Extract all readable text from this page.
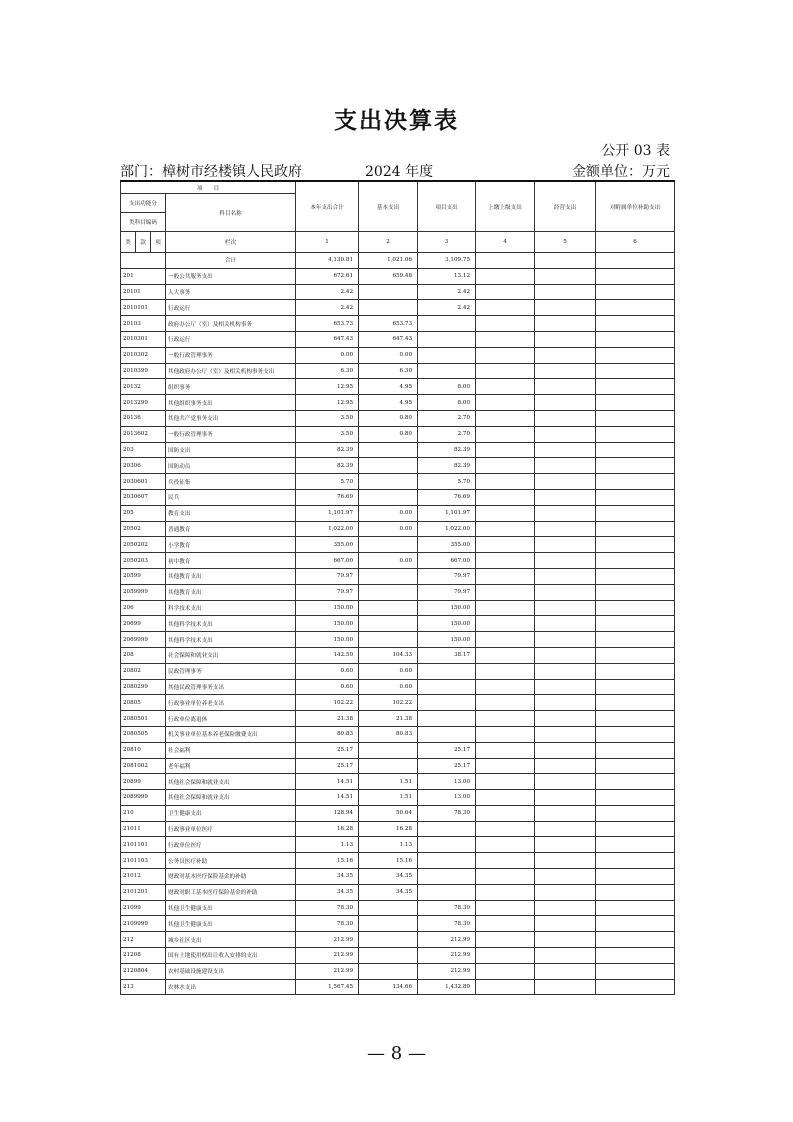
支出决算表
公开 03 表
部门：樟树市经楼镇人民政府	2024 年度	金额单位：万元
项　　目				本年支出合计	基本支出	项目支出	上缴上级支出	经营支出	对附属单位补助支出
支出功能分			科目名称						
类科目编码									
类	款	项	栏次	1	2	3	4	5	6
			合计	4,130.81	1,021.06	3,109.75			
201			一般公共服务支出	672.61	659.48	13.12			
20101			人大事务	2.42		2.42			
2010101			行政运行	2.42		2.42			
20103			政府办公厅（室）及相关机构事务	653.73	653.73				
2010301			行政运行	647.43	647.43				
2010302			一般行政管理事务	0.00	0.00				
2010399			其他政府办公厅（室）及相关机构事务支出	6.30	6.30				
20132			组织事务	12.95	4.95	8.00			
2013299			其他组织事务支出	12.95	4.95	8.00			
20136			其他共产党事务支出	3.50	0.80	2.70			
2013602			一般行政管理事务	3.50	0.80	2.70			
203			国防支出	82.39		82.39			
20306			国防动员	82.39		82.39			
2030601			兵役征集	5.70		5.70			
2030607			民兵	76.69		76.69			
205			教育支出	1,101.97	0.00	1,101.97			
20502			普通教育	1,022.00	0.00	1,022.00			
2050202			小学教育	355.00		355.00			
2050203			初中教育	667.00	0.00	667.00			
20599			其他教育支出	79.97		79.97			
2059999			其他教育支出	79.97		79.97			
206			科学技术支出	150.00		150.00			
20699			其他科学技术支出	150.00		150.00			
2069999			其他科学技术支出	150.00		150.00			
208			社会保障和就业支出	142.50	104.33	38.17			
20802			民政管理事务	0.60	0.60				
2080299			其他民政管理事务支出	0.60	0.60				
20805			行政事业单位养老支出	102.22	102.22				
2080501			行政单位离退休	21.38	21.38				
2080505			机关事业单位基本养老保险缴费支出	80.83	80.83				
20810			社会福利	25.17		25.17			
2081002			老年福利	25.17		25.17			
20899			其他社会保障和就业支出	14.51	1.51	13.00			
2089999			其他社会保障和就业支出	14.51	1.51	13.00			
210			卫生健康支出	128.94	50.64	78.30			
21011			行政事业单位医疗	16.28	16.28				
2101101			行政单位医疗	1.13	1.13				
2101103			公务员医疗补助	15.16	15.16				
21012			财政对基本医疗保险基金的补助	34.35	34.35				
2101201			财政对职工基本医疗保险基金的补助	34.35	34.35				
21099			其他卫生健康支出	78.30		78.30			
2109999			其他卫生健康支出	78.30		78.30			
212			城乡社区支出	212.99		212.99			
21208			国有土地使用权出让收入安排的支出	212.99		212.99			
2120804			农村基础设施建设支出	212.99		212.99			
213			农林水支出	1,567.45	134.66	1,432.80			
— 8 —
